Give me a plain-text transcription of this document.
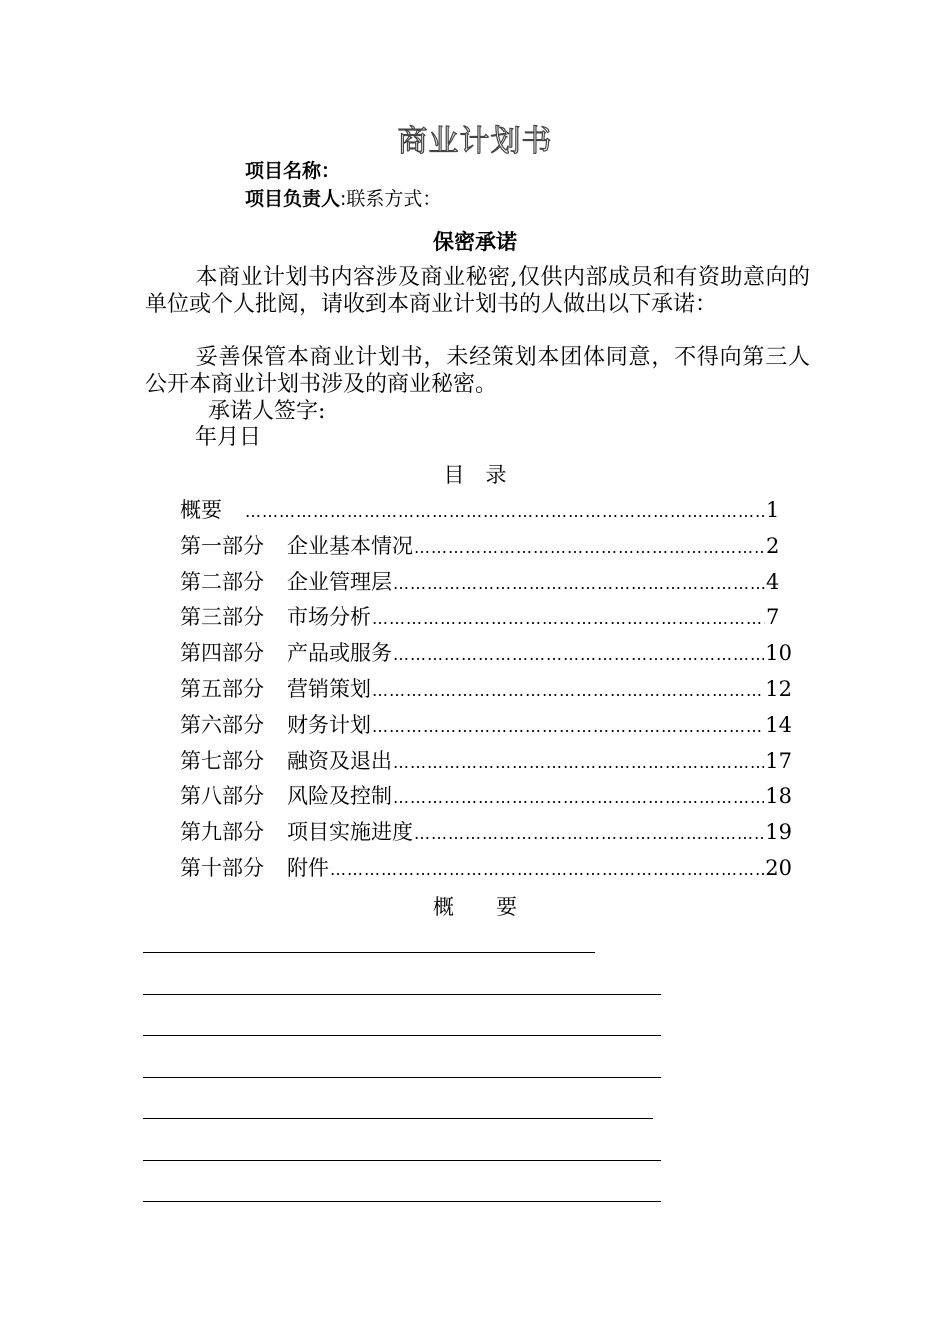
商业计划书
项目名称：
项目负责人:联系方式：
保密承诺

本商业计划书内容涉及商业秘密,仅供内部成员和有资助意向的单位或个人批阅，请收到本商业计划书的人做出以下承诺：

妥善保管本商业计划书，未经策划本团体同意，不得向第三人公开本商业计划书涉及的商业秘密。

承诺人签字:
年月日
目　录
概要 …………………………………………………………………………………………………………………………………………	1
第一部分	企业基本情况 …………………………………………………………………………………………………………………………………………	2
第二部分	企业管理层 …………………………………………………………………………………………………………………………………………	4
第三部分	市场分析 …………………………………………………………………………………………………………………………………………	7
第四部分	产品或服务 …………………………………………………………………………………………………………………………………………	10
第五部分	营销策划 …………………………………………………………………………………………………………………………………………	12
第六部分	财务计划 …………………………………………………………………………………………………………………………………………	14
第七部分	融资及退出 …………………………………………………………………………………………………………………………………………	17
第八部分	风险及控制 …………………………………………………………………………………………………………………………………………	18
第九部分	项目实施进度 …………………………………………………………………………………………………………………………………………	19
第十部分	附件 …………………………………………………………………………………………………………………………………………	20
概　　要
